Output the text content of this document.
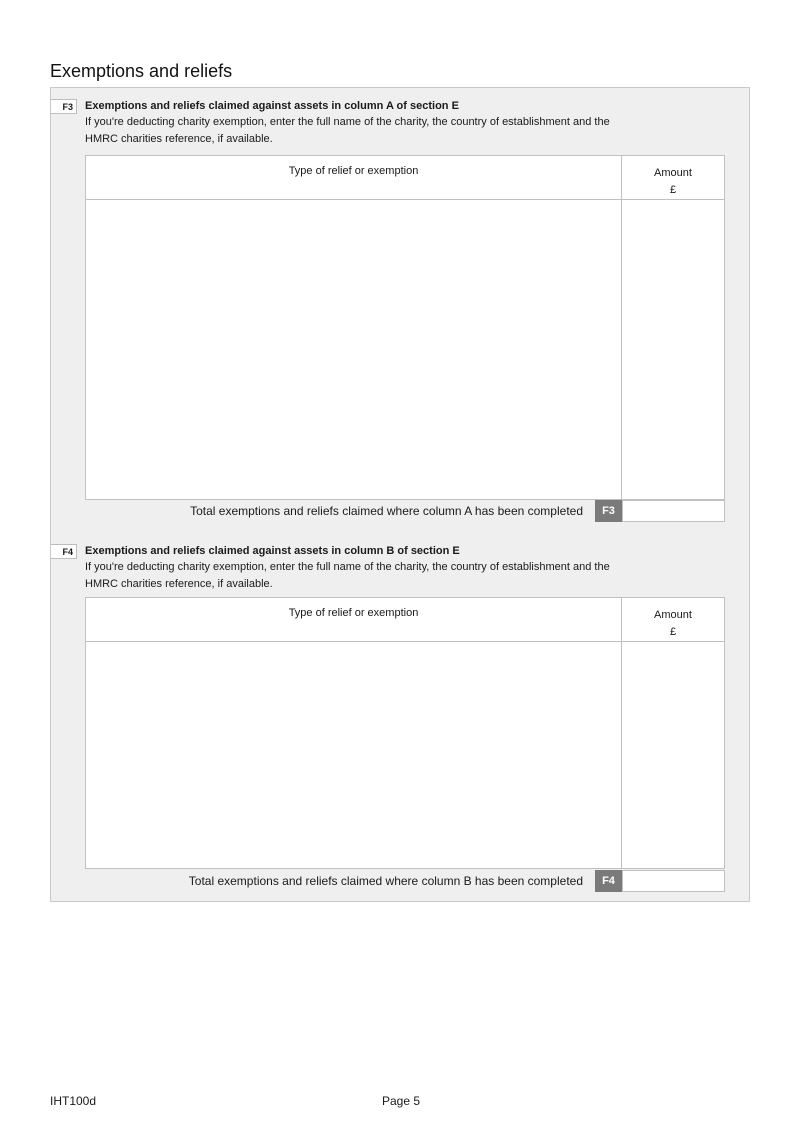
Exemptions and reliefs
F3	Exemptions and reliefs claimed against assets in column A of section E
If you're deducting charity exemption, enter the full name of the charity, the country of establishment and the HMRC charities reference, if available.
Type of relief or exemption	Amount
£
Total exemptions and reliefs claimed where column A has been completed	F3
F4	Exemptions and reliefs claimed against assets in column B of section E
If you're deducting charity exemption, enter the full name of the charity, the country of establishment and the HMRC charities reference, if available.
Type of relief or exemption	Amount
£
Total exemptions and reliefs claimed where column B has been completed	F4
IHT100d	Page 5
